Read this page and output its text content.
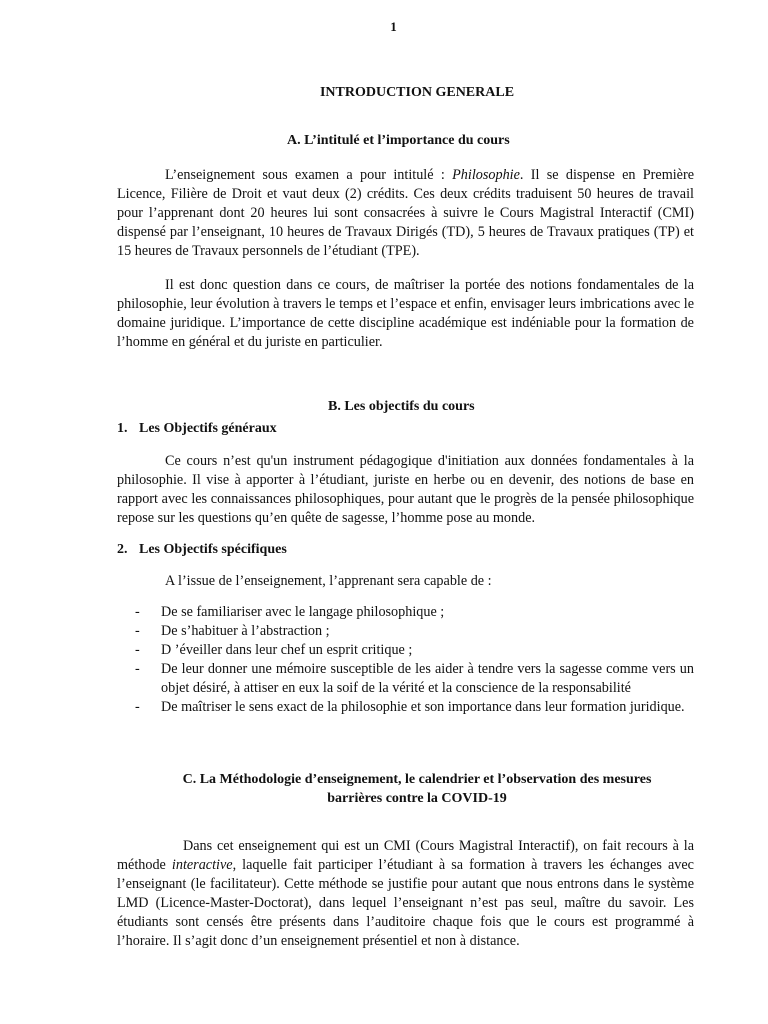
1
INTRODUCTION GENERALE
A. L’intitulé et l’importance du cours

L’enseignement sous examen a pour intitulé : Philosophie. Il se dispense en Première Licence, Filière de Droit et vaut deux (2) crédits. Ces deux crédits traduisent 50 heures de travail pour l’apprenant dont 20 heures lui sont consacrées à suivre le Cours Magistral Interactif (CMI) dispensé par l’enseignant, 10 heures de Travaux Dirigés (TD), 5 heures de Travaux pratiques (TP) et 15 heures de Travaux personnels de l’étudiant (TPE).

Il est donc question dans ce cours, de maîtriser la portée des notions fondamentales de la philosophie, leur évolution à travers le temps et l’espace et enfin, envisager leurs imbrications avec le domaine juridique. L’importance de cette discipline académique est indéniable pour la formation de l’homme en général et du juriste en particulier.

B. Les objectifs du cours
1. Les Objectifs généraux

Ce cours n’est qu'un instrument pédagogique d'initiation aux données fondamentales à la philosophie. Il vise à apporter à l’étudiant, juriste en herbe ou en devenir, des notions de base en rapport avec les connaissances philosophiques, pour autant que le progrès de la pensée philosophique repose sur les questions qu’en quête de sagesse, l’homme pose au monde.

2. Les Objectifs spécifiques

A l’issue de l’enseignement, l’apprenant sera capable de :

- De se familiariser avec le langage philosophique ;
- De s’habituer à l’abstraction ;
- D ’éveiller dans leur chef un esprit critique ;
- De leur donner une mémoire susceptible de les aider à tendre vers la sagesse comme vers un objet désiré, à attiser en eux la soif de la vérité et la conscience de la responsabilité
- De maîtriser le sens exact de la philosophie et son importance dans leur formation juridique.
C. La Méthodologie d’enseignement, le calendrier et l’observation des mesures
barrières contre la COVID-19

Dans cet enseignement qui est un CMI (Cours Magistral Interactif), on fait recours à la méthode interactive, laquelle fait participer l’étudiant à sa formation à travers les échanges avec l’enseignant (le facilitateur). Cette méthode se justifie pour autant que nous entrons dans le système LMD (Licence-Master-Doctorat), dans lequel l’enseignant n’est pas seul, maître du savoir. Les étudiants sont censés être présents dans l’auditoire chaque fois que le cours est programmé à l’horaire. Il s’agit donc d’un enseignement présentiel et non à distance.
